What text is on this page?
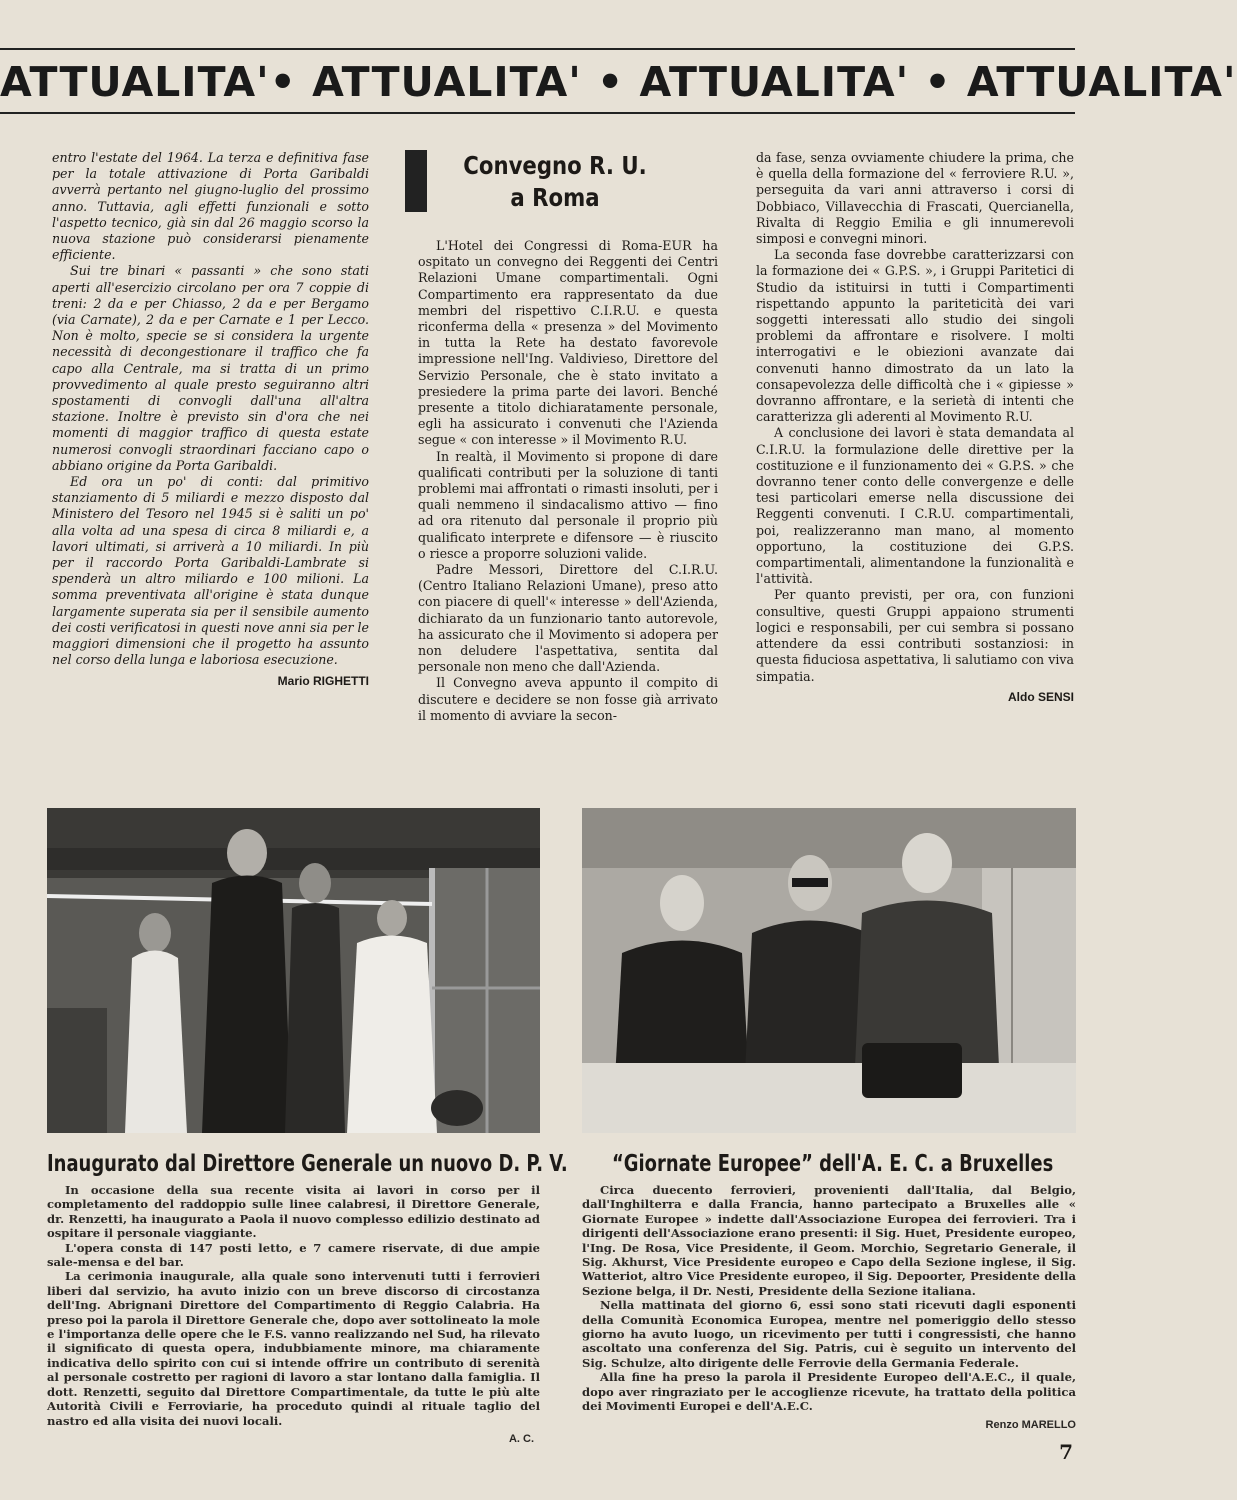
ATTUALITA'• ATTUALITA' • ATTUALITA' • ATTUALITA'

entro l'estate del 1964. La terza e definitiva fase per la totale attivazione di Porta Garibaldi avverrà pertanto nel giugno-luglio del prossimo anno. Tuttavia, agli effetti funzionali e sotto l'aspetto tecnico, già sin dal 26 maggio scorso la nuova stazione può considerarsi pienamente efficiente.

Sui tre binari « passanti » che sono stati aperti all'esercizio circolano per ora 7 coppie di treni: 2 da e per Chiasso, 2 da e per Bergamo (via Carnate), 2 da e per Carnate e 1 per Lecco. Non è molto, specie se si considera la urgente necessità di decongestionare il traffico che fa capo alla Centrale, ma si tratta di un primo provvedimento al quale presto seguiranno altri spostamenti di convogli dall'una all'altra stazione. Inoltre è previsto sin d'ora che nei momenti di maggior traffico di questa estate numerosi convogli straordinari facciano capo o abbiano origine da Porta Garibaldi.

Ed ora un po' di conti: dal primitivo stanziamento di 5 miliardi e mezzo disposto dal Ministero del Tesoro nel 1945 si è saliti un po' alla volta ad una spesa di circa 8 miliardi e, a lavori ultimati, si arriverà a 10 miliardi. In più per il raccordo Porta Garibaldi-Lambrate si spenderà un altro miliardo e 100 milioni. La somma preventivata all'origine è stata dunque largamente superata sia per il sensibile aumento dei costi verificatosi in questi nove anni sia per le maggiori dimensioni che il progetto ha assunto nel corso della lunga e laboriosa esecuzione.

Mario RIGHETTI
Convegno R. U.
a Roma

L'Hotel dei Congressi di Roma-EUR ha ospitato un convegno dei Reggenti dei Centri Relazioni Umane compartimentali. Ogni Compartimento era rappresentato da due membri del rispettivo C.I.R.U. e questa riconferma della « presenza » del Movimento in tutta la Rete ha destato favorevole impressione nell'Ing. Valdivieso, Direttore del Servizio Personale, che è stato invitato a presiedere la prima parte dei lavori. Benché presente a titolo dichiaratamente personale, egli ha assicurato i convenuti che l'Azienda segue « con interesse » il Movimento R.U.

In realtà, il Movimento si propone di dare qualificati contributi per la soluzione di tanti problemi mai affrontati o rimasti insoluti, per i quali nemmeno il sindacalismo attivo — fino ad ora ritenuto dal personale il proprio più qualificato interprete e difensore — è riuscito o riesce a proporre soluzioni valide.

Padre Messori, Direttore del C.I.R.U. (Centro Italiano Relazioni Umane), preso atto con piacere di quell'« interesse » dell'Azienda, dichiarato da un funzionario tanto autorevole, ha assicurato che il Movimento si adopera per non deludere l'aspettativa, sentita dal personale non meno che dall'Azienda.

Il Convegno aveva appunto il compito di discutere e decidere se non fosse già arrivato il momento di avviare la secon-

da fase, senza ovviamente chiudere la prima, che è quella della formazione del « ferroviere R.U. », perseguita da vari anni attraverso i corsi di Dobbiaco, Villavecchia di Frascati, Quercianella, Rivalta di Reggio Emilia e gli innumerevoli simposi e convegni minori.

La seconda fase dovrebbe caratterizzarsi con la formazione dei « G.P.S. », i Gruppi Paritetici di Studio da istituirsi in tutti i Compartimenti rispettando appunto la pariteticità dei vari soggetti interessati allo studio dei singoli problemi da affrontare e risolvere. I molti interrogativi e le obiezioni avanzate dai convenuti hanno dimostrato da un lato la consapevolezza delle difficoltà che i « gipiesse » dovranno affrontare, e la serietà di intenti che caratterizza gli aderenti al Movimento R.U.

A conclusione dei lavori è stata demandata al C.I.R.U. la formulazione delle direttive per la costituzione e il funzionamento dei « G.P.S. » che dovranno tener conto delle convergenze e delle tesi particolari emerse nella discussione dei Reggenti convenuti. I C.R.U. compartimentali, poi, realizzeranno man mano, al momento opportuno, la costituzione dei G.P.S. compartimentali, alimentandone la funzionalità e l'attività.

Per quanto previsti, per ora, con funzioni consultive, questi Gruppi appaiono strumenti logici e responsabili, per cui sembra si possano attendere da essi contributi sostanziosi: in questa fiduciosa aspettativa, li salutiamo con viva simpatia.

Aldo SENSI
Inaugurato dal Direttore Generale un nuovo D. P. V.

In occasione della sua recente visita ai lavori in corso per il completamento del raddoppio sulle linee calabresi, il Direttore Generale, dr. Renzetti, ha inaugurato a Paola il nuovo complesso edilizio destinato ad ospitare il personale viaggiante.

L'opera consta di 147 posti letto, e 7 camere riservate, di due ampie sale-mensa e del bar.

La cerimonia inaugurale, alla quale sono intervenuti tutti i ferrovieri liberi dal servizio, ha avuto inizio con un breve discorso di circostanza dell'Ing. Abrignani Direttore del Compartimento di Reggio Calabria. Ha preso poi la parola il Direttore Generale che, dopo aver sottolineato la mole e l'importanza delle opere che le F.S. vanno realizzando nel Sud, ha rilevato il significato di questa opera, indubbiamente minore, ma chiaramente indicativa dello spirito con cui si intende offrire un contributo di serenità al personale costretto per ragioni di lavoro a star lontano dalla famiglia. Il dott. Renzetti, seguito dal Direttore Compartimentale, da tutte le più alte Autorità Civili e Ferroviarie, ha proceduto quindi al rituale taglio del nastro ed alla visita dei nuovi locali.

A. C.
“Giornate Europee” dell'A. E. C. a Bruxelles

Circa duecento ferrovieri, provenienti dall'Italia, dal Belgio, dall'Inghilterra e dalla Francia, hanno partecipato a Bruxelles alle « Giornate Europee » indette dall'Associazione Europea dei ferrovieri. Tra i dirigenti dell'Associazione erano presenti: il Sig. Huet, Presidente europeo, l'Ing. De Rosa, Vice Presidente, il Geom. Morchio, Segretario Generale, il Sig. Akhurst, Vice Presidente europeo e Capo della Sezione inglese, il Sig. Watteriot, altro Vice Presidente europeo, il Sig. Depoorter, Presidente della Sezione belga, il Dr. Nesti, Presidente della Sezione italiana.

Nella mattinata del giorno 6, essi sono stati ricevuti dagli esponenti della Comunità Economica Europea, mentre nel pomeriggio dello stesso giorno ha avuto luogo, un ricevimento per tutti i congressisti, che hanno ascoltato una conferenza del Sig. Patris, cui è seguito un intervento del Sig. Schulze, alto dirigente delle Ferrovie della Germania Federale.

Alla fine ha preso la parola il Presidente Europeo dell'A.E.C., il quale, dopo aver ringraziato per le accoglienze ricevute, ha trattato della politica dei Movimenti Europei e dell'A.E.C.

Renzo MARELLO
7
